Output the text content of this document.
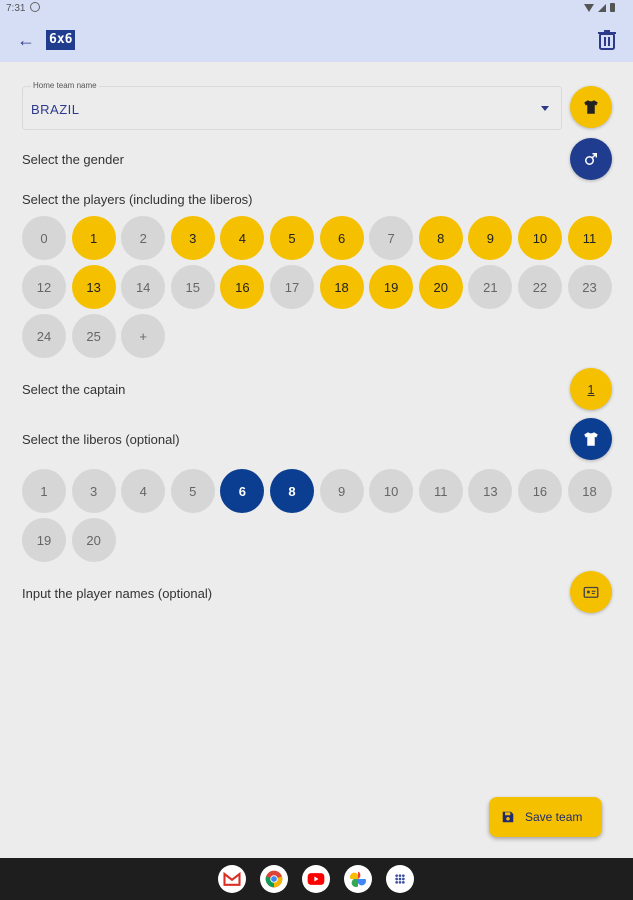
7:31
← 6x6
Home team name
BRAZIL
Select the gender
Select the players (including the liberos)
0	1	2	3	4	5	6	7	8	9	10	11
12	13	14	15	16	17	18	19	20	21	22	23
24	25	+
Select the captain	1
Select the liberos (optional)
1	3	4	5	6	8	9	10	11	13	16	18
19	20
Input the player names (optional)
Save team
